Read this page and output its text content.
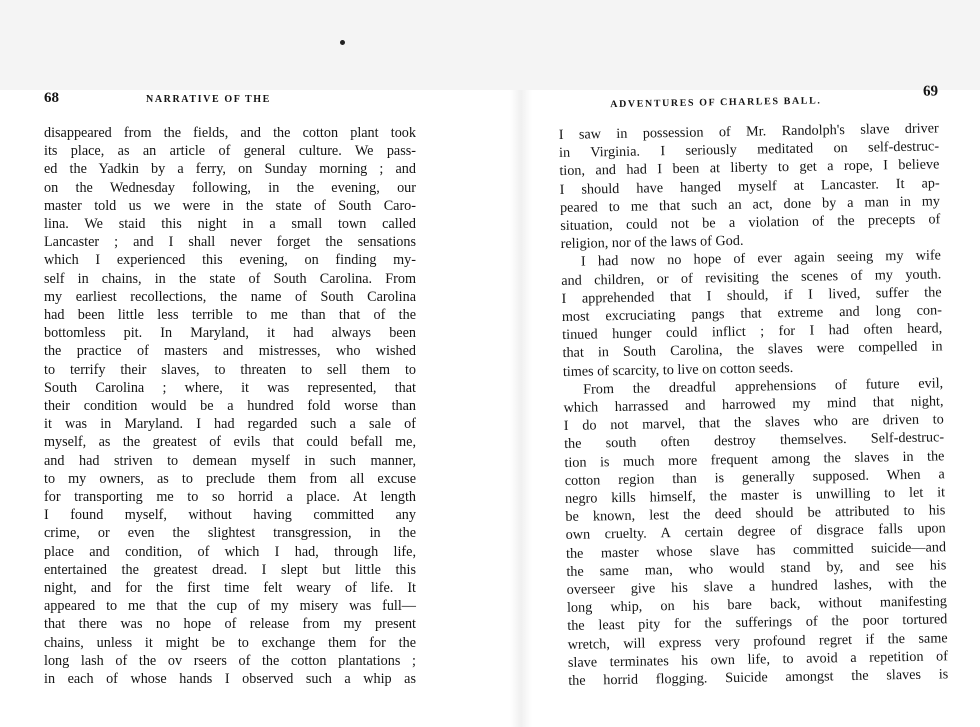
68	NARRATIVE OF THE
disappeared from the fields, and the cotton plant took
its place, as an article of general culture. We pass-
ed the Yadkin by a ferry, on Sunday morning ; and
on the Wednesday following, in the evening, our
master told us we were in the state of South Caro-
lina. We staid this night in a small town called
Lancaster ; and I shall never forget the sensations
which I experienced this evening, on finding my-
self in chains, in the state of South Carolina. From
my earliest recollections, the name of South Carolina
had been little less terrible to me than that of the
bottomless pit. In Maryland, it had always been
the practice of masters and mistresses, who wished
to terrify their slaves, to threaten to sell them to
South Carolina ; where, it was represented, that
their condition would be a hundred fold worse than
it was in Maryland. I had regarded such a sale of
myself, as the greatest of evils that could befall me,
and had striven to demean myself in such manner,
to my owners, as to preclude them from all excuse
for transporting me to so horrid a place. At length
I found myself, without having committed any
crime, or even the slightest transgression, in the
place and condition, of which I had, through life,
entertained the greatest dread. I slept but little this
night, and for the first time felt weary of life. It
appeared to me that the cup of my misery was full—
that there was no hope of release from my present
chains, unless it might be to exchange them for the
long lash of the ov rseers of the cotton plantations ;
in each of whose hands I observed such a whip as
ADVENTURES OF CHARLES BALL.
69
I saw in possession of Mr. Randolph's slave driver
in Virginia. I seriously meditated on self-destruc-
tion, and had I been at liberty to get a rope, I believe
I should have hanged myself at Lancaster. It ap-
peared to me that such an act, done by a man in my
situation, could not be a violation of the precepts of
religion, nor of the laws of God.
I had now no hope of ever again seeing my wife
and children, or of revisiting the scenes of my youth.
I apprehended that I should, if I lived, suffer the
most excruciating pangs that extreme and long con-
tinued hunger could inflict ; for I had often heard,
that in South Carolina, the slaves were compelled in
times of scarcity, to live on cotton seeds.
From the dreadful apprehensions of future evil,
which harrassed and harrowed my mind that night,
I do not marvel, that the slaves who are driven to
the south often destroy themselves. Self-destruc-
tion is much more frequent among the slaves in the
cotton region than is generally supposed. When a
negro kills himself, the master is unwilling to let it
be known, lest the deed should be attributed to his
own cruelty. A certain degree of disgrace falls upon
the master whose slave has committed suicide—and
the same man, who would stand by, and see his
overseer give his slave a hundred lashes, with the
long whip, on his bare back, without manifesting
the least pity for the sufferings of the poor tortured
wretch, will express very profound regret if the same
slave terminates his own life, to avoid a repetition of
the horrid flogging. Suicide amongst the slaves is
